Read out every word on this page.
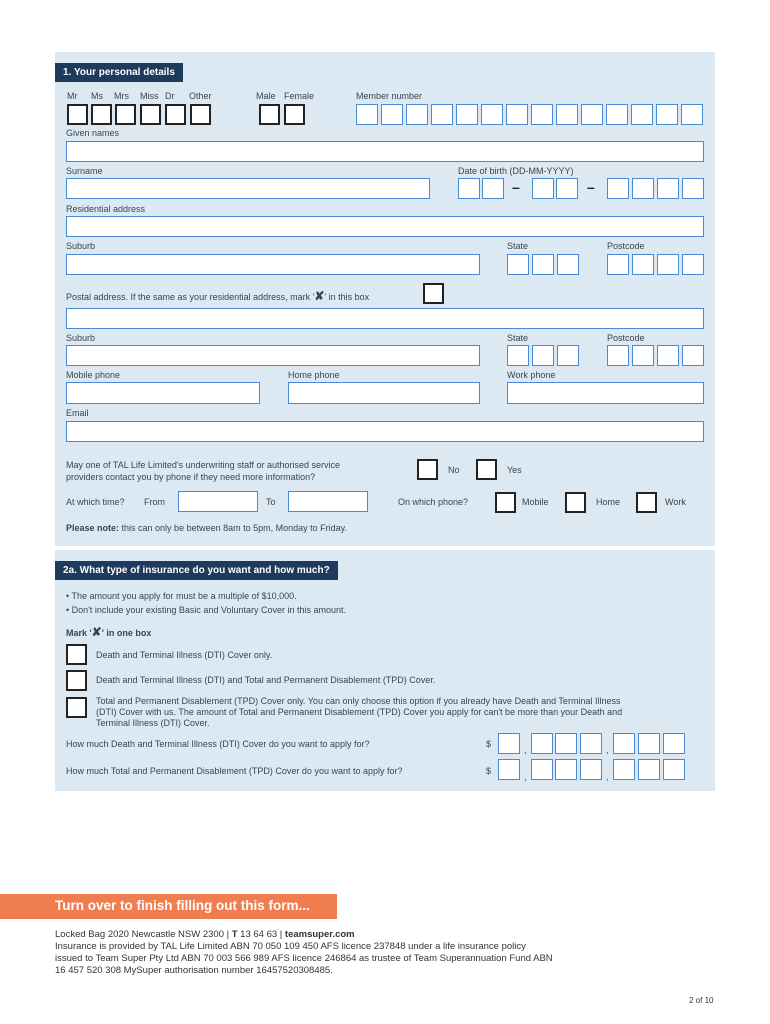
1. Your personal details
Mr Ms Mrs Miss Dr Other	Male Female	Member number
Given names
Surname	Date of birth (DD-MM-YYYY)
–	–
Residential address
Suburb	State	Postcode
Postal address. If the same as your residential address, mark '✘' in this box
Suburb	State	Postcode
Mobile phone	Home phone	Work phone
Email
May one of TAL Life Limited's underwriting staff or authorised service
providers contact you by phone if they need more information?
No	Yes
At which time? From	To	On which phone?	Mobile	Home	Work
Please note: this can only be between 8am to 5pm, Monday to Friday.
2a. What type of insurance do you want and how much?
• The amount you apply for must be a multiple of $10,000.
• Don't include your existing Basic and Voluntary Cover in this amount.
Mark '✘' in one box
Death and Terminal Illness (DTI) Cover only.
Death and Terminal Illness (DTI) and Total and Permanent Disablement (TPD) Cover.
Total and Permanent Disablement (TPD) Cover only. You can only choose this option if you already have Death and Terminal Illness
(DTI) Cover with us. The amount of Total and Permanent Disablement (TPD) Cover you apply for can't be more than your Death and
Terminal Illness (DTI) Cover.
How much Death and Terminal Illness (DTI) Cover do you want to apply for?	$
,	,
How much Total and Permanent Disablement (TPD) Cover do you want to apply for?	$
,	,
Turn over to finish filling out this form...
Locked Bag 2020 Newcastle NSW 2300 | T 13 64 63 | teamsuper.com
Insurance is provided by TAL Life Limited ABN 70 050 109 450 AFS licence 237848 under a life insurance policy
issued to Team Super Pty Ltd ABN 70 003 566 989 AFS licence 246864 as trustee of Team Superannuation Fund ABN
16 457 520 308 MySuper authorisation number 16457520308485.
2 of 10
